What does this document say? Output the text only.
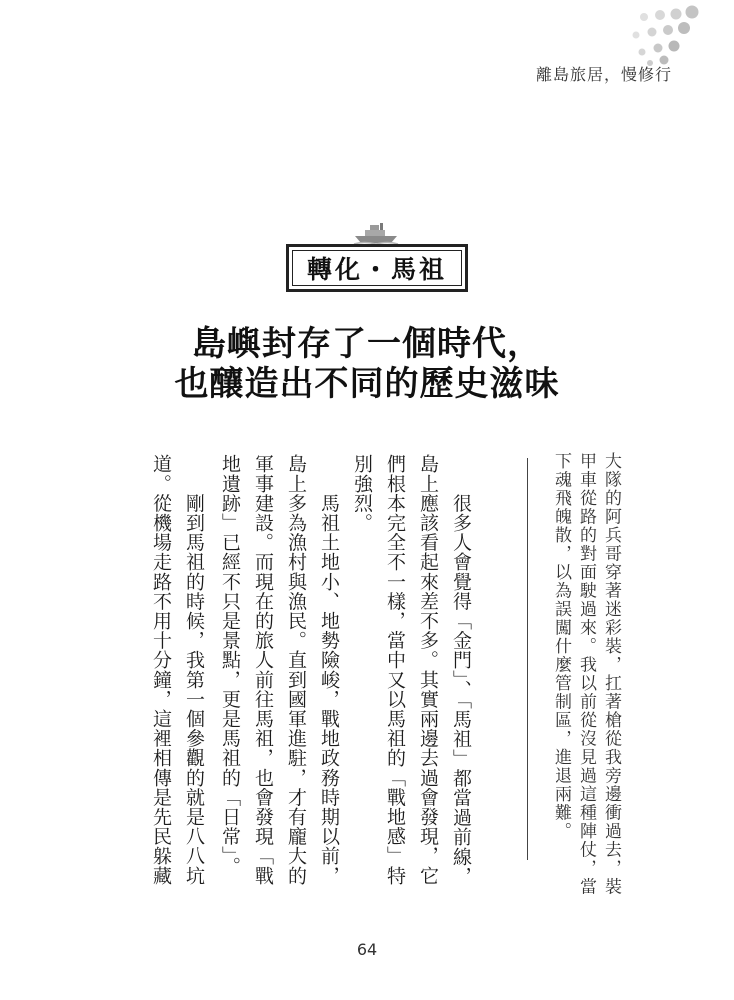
離島旅居，慢修行
轉化・馬祖
島嶼封存了一個時代，
也釀造出不同的歷史滋味
大隊的阿兵哥穿著迷彩裝，扛著槍從我旁邊衝過去，裝
甲車從路的對面駛過來。我以前從沒見過這種陣仗，當
下魂飛魄散，以為誤闖什麼管制區，進退兩難。
　　很多人會覺得「金門」、「馬祖」都當過前線，
島上應該看起來差不多。其實兩邊去過會發現，它
們根本完全不一樣，當中又以馬祖的「戰地感」特
別強烈。
　　馬祖土地小、地勢險峻，戰地政務時期以前，
島上多為漁村與漁民。直到國軍進駐，才有龐大的
軍事建設。而現在的旅人前往馬祖，也會發現「戰
地遺跡」已經不只是景點，更是馬祖的「日常」。
　　剛到馬祖的時候，我第一個參觀的就是八八坑
道。從機場走路不用十分鐘，這裡相傳是先民躲藏
64
